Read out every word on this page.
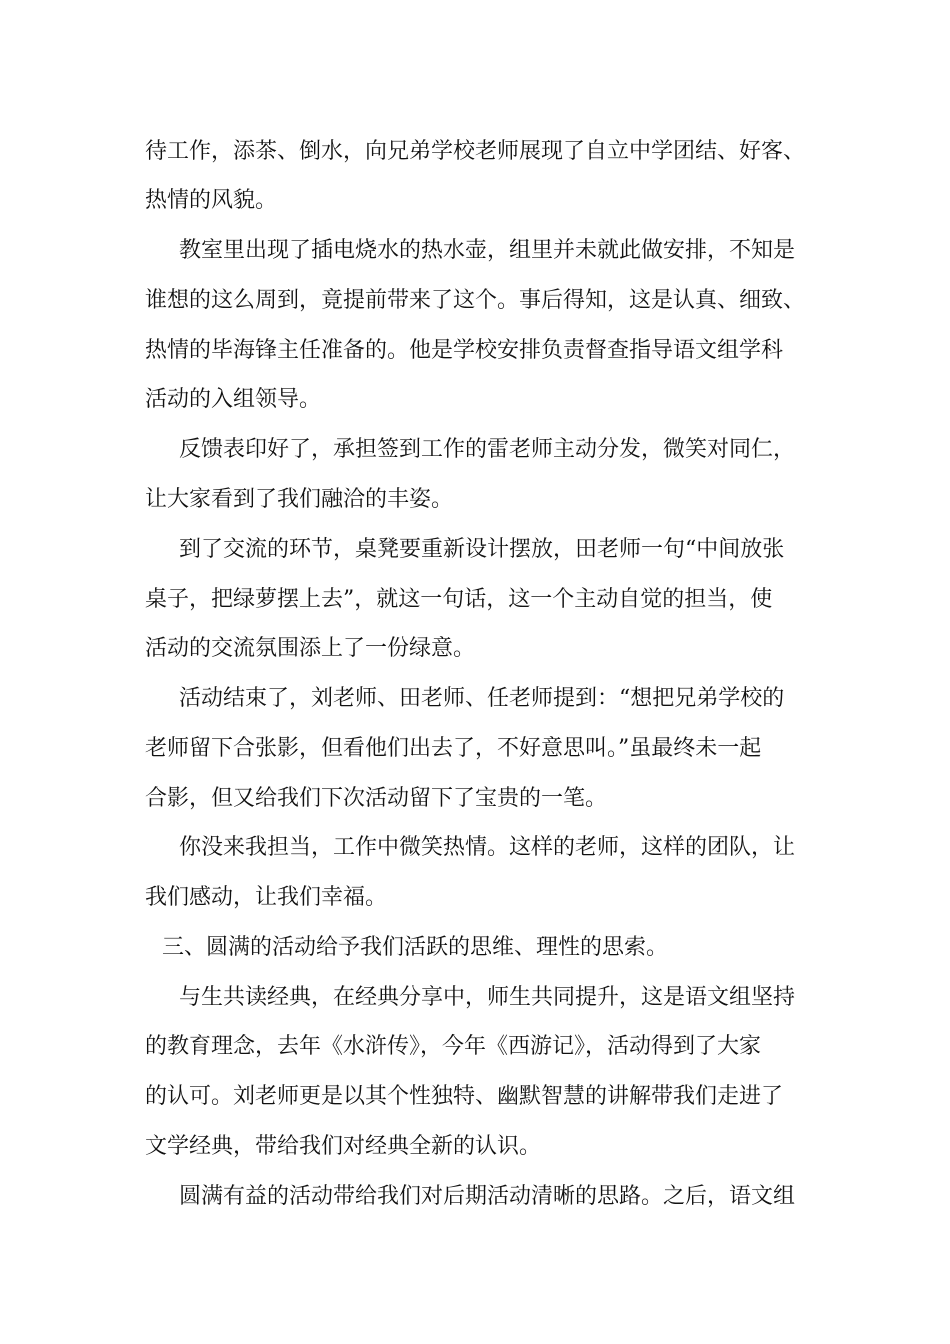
待工作，添茶、倒水，向兄弟学校老师展现了自立中学团结、好客、
热情的风貌。
教室里出现了插电烧水的热水壶，组里并未就此做安排，不知是
谁想的这么周到，竟提前带来了这个。事后得知，这是认真、细致、
热情的毕海锋主任准备的。他是学校安排负责督查指导语文组学科
活动的入组领导。
反馈表印好了，承担签到工作的雷老师主动分发，微笑对同仁，
让大家看到了我们融洽的丰姿。
到了交流的环节，桌凳要重新设计摆放，田老师一句“中间放张
桌子，把绿萝摆上去”，就这一句话，这一个主动自觉的担当，使
活动的交流氛围添上了一份绿意。
活动结束了，刘老师、田老师、任老师提到：“想把兄弟学校的
老师留下合张影，但看他们出去了，不好意思叫。”虽最终未一起
合影，但又给我们下次活动留下了宝贵的一笔。
你没来我担当，工作中微笑热情。这样的老师，这样的团队，让
我们感动，让我们幸福。
三、圆满的活动给予我们活跃的思维、理性的思索。
与生共读经典，在经典分享中，师生共同提升，这是语文组坚持
的教育理念，去年《水浒传》，今年《西游记》，活动得到了大家
的认可。刘老师更是以其个性独特、幽默智慧的讲解带我们走进了
文学经典，带给我们对经典全新的认识。
圆满有益的活动带给我们对后期活动清晰的思路。之后，语文组
